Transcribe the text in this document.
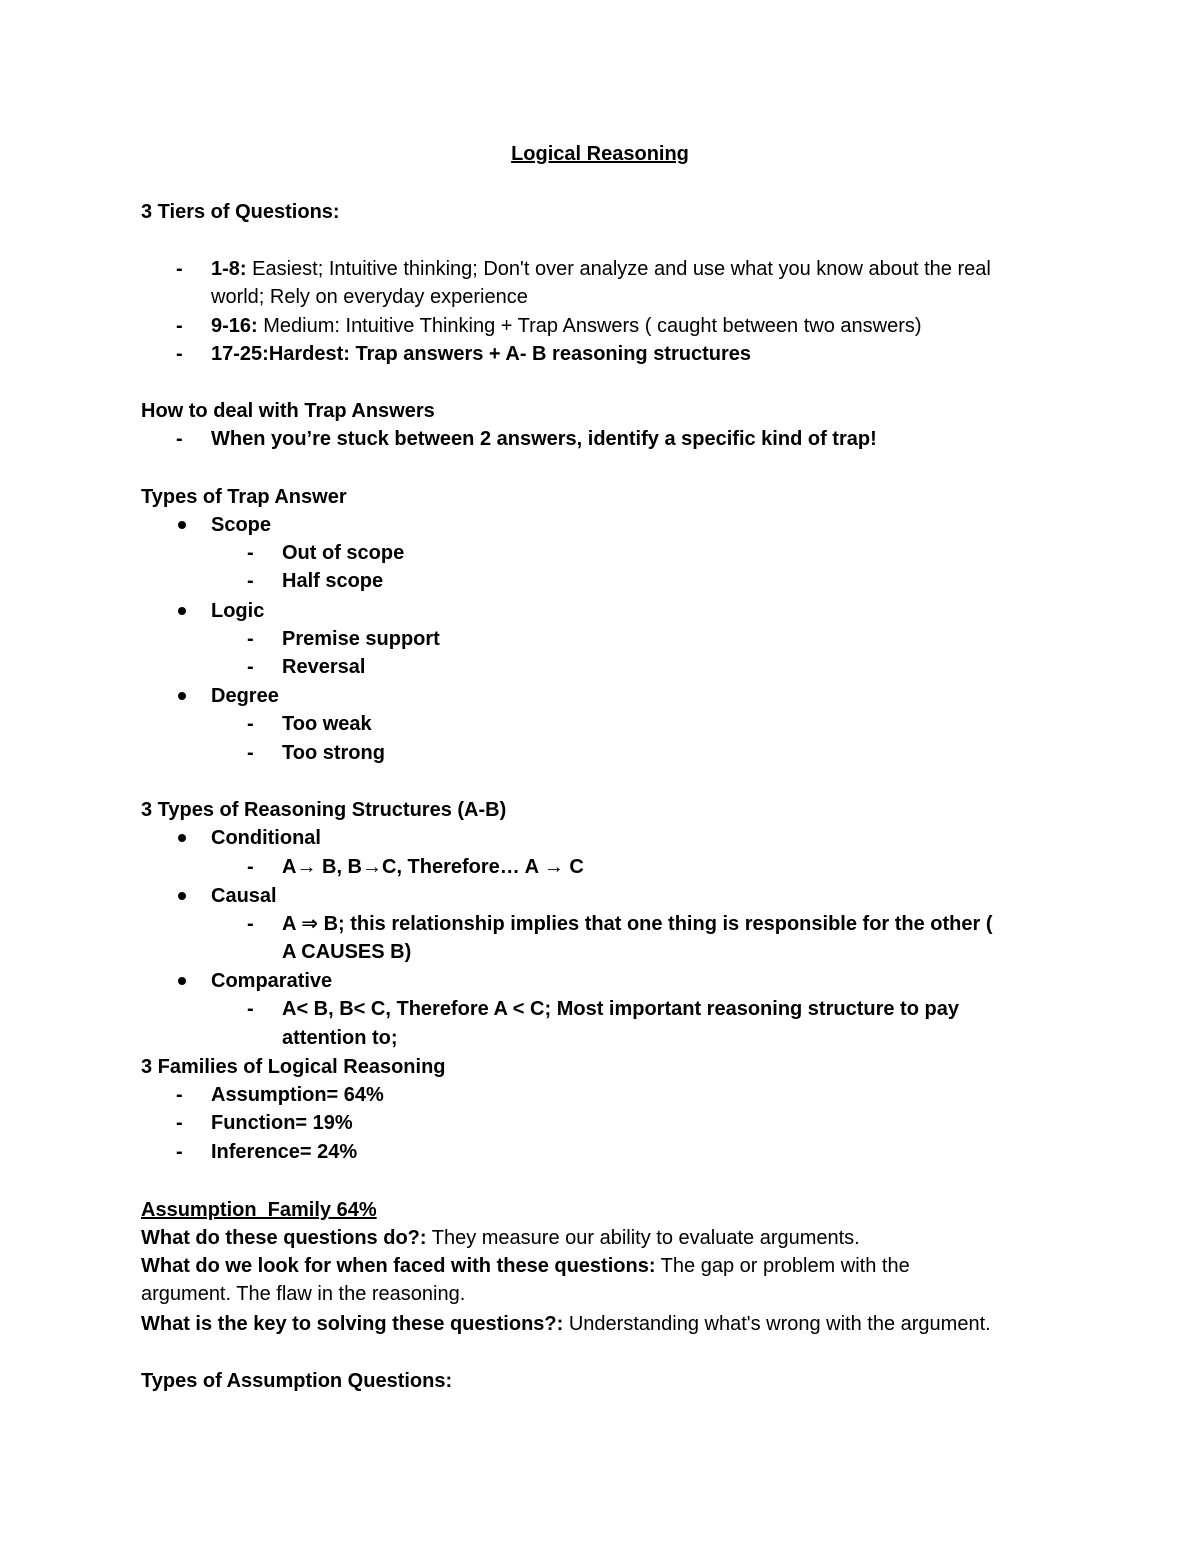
Logical Reasoning
3 Tiers of Questions:
-	1-8: Easiest; Intuitive thinking; Don't over analyze and use what you know about the real
world; Rely on everyday experience
-	9-16: Medium: Intuitive Thinking + Trap Answers ( caught between two answers)
-	17-25:Hardest: Trap answers + A- B reasoning structures
How to deal with Trap Answers
-	When you’re stuck between 2 answers, identify a specific kind of trap!
Types of Trap Answer
Scope
-	Out of scope
-	Half scope
Logic
-	Premise support
-	Reversal
Degree
-	Too weak
-	Too strong
3 Types of Reasoning Structures (A-B)
Conditional
-	A→ B, B→C, Therefore… A → C
Causal
-	A ⇒ B; this relationship implies that one thing is responsible for the other (
A CAUSES B)
Comparative
-	A< B, B< C, Therefore A < C; Most important reasoning structure to pay
attention to;
3 Families of Logical Reasoning
-	Assumption= 64%
-	Function= 19%
-	Inference= 24%
Assumption  Family 64%
What do these questions do?: They measure our ability to evaluate arguments.
What do we look for when faced with these questions: The gap or problem with the
argument. The flaw in the reasoning.
What is the key to solving these questions?: Understanding what's wrong with the argument.
Types of Assumption Questions:
